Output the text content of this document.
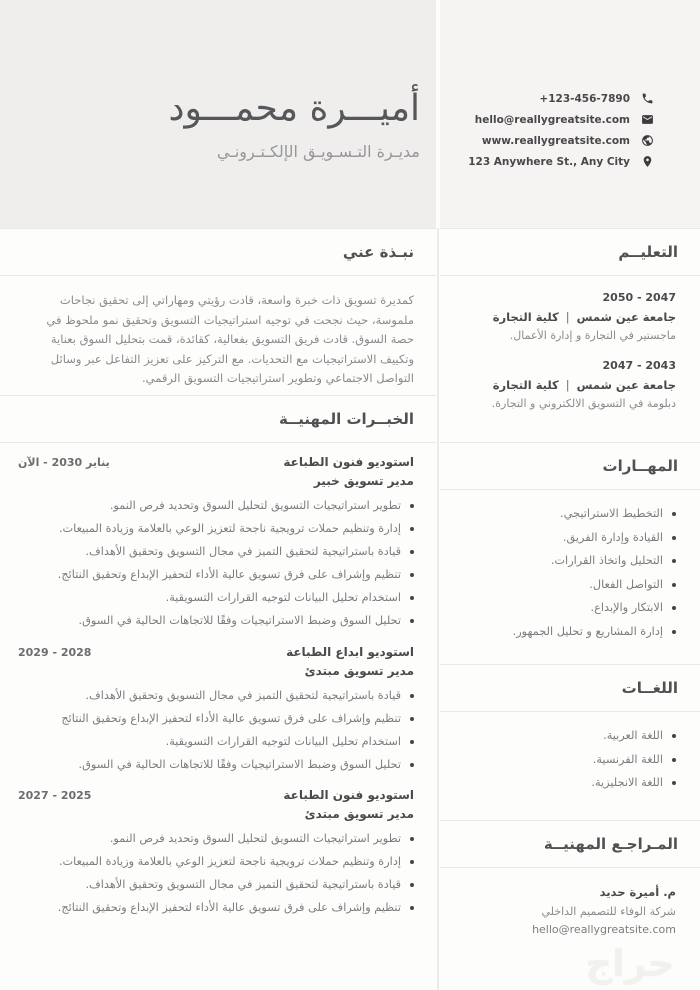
أميـــرة محمـــود
مديـرة التـسـويـق الإلكـتـرونـي
+123-456-7890
hello@reallygreatsite.com
www.reallygreatsite.com
123 Anywhere St., Any City
نبـذة عني

كمديرة تسويق ذات خبرة واسعة، قادت رؤيتي ومهاراتي إلى تحقيق نجاحات ملموسة، حيث نجحت في توجيه استراتيجيات التسويق وتحقيق نمو ملحوظ في حصة السوق. قادت فريق التسويق بفعالية، كقائدة، قمت بتحليل السوق بعناية وتكييف الاستراتيجيات مع التحديات. مع التركيز على تعزيز التفاعل عبر وسائل التواصل الاجتماعي وتطوير استراتيجيات التسويق الرقمي.

الخبــرات المهنيــة
استوديو فنون الطباعة
يناير 2030 - الآن
مدير تسويق خبير
تطوير استراتيجيات التسويق لتحليل السوق وتحديد فرص النمو.
إدارة وتنظيم حملات ترويجية ناجحة لتعزيز الوعي بالعلامة وزيادة المبيعات.
قيادة باستراتيجية لتحقيق التميز في مجال التسويق وتحقيق الأهداف.
تنظيم وإشراف على فرق تسويق عالية الأداء لتحفيز الإبداع وتحقيق النتائج.
استخدام تحليل البيانات لتوجيه القرارات التسويقية.
تحليل السوق وضبط الاستراتيجيات وفقًا للاتجاهات الحالية في السوق.
استوديو ابداع الطباعة
2029 - 2028
مدير تسويق مبتدئ
قيادة باستراتيجية لتحقيق التميز في مجال التسويق وتحقيق الأهداف.
تنظيم وإشراف على فرق تسويق عالية الأداء لتحفيز الإبداع وتحقيق النتائج
استخدام تحليل البيانات لتوجيه القرارات التسويقية.
تحليل السوق وضبط الاستراتيجيات وفقًا للاتجاهات الحالية في السوق.
استوديو فنون الطباعة
2027 - 2025
مدير تسويق مبتدئ
تطوير استراتيجيات التسويق لتحليل السوق وتحديد فرص النمو.
إدارة وتنظيم حملات ترويجية ناجحة لتعزيز الوعي بالعلامة وزيادة المبيعات.
قيادة باستراتيجية لتحقيق التميز في مجال التسويق وتحقيق الأهداف.
تنظيم وإشراف على فرق تسويق عالية الأداء لتحفيز الإبداع وتحقيق النتائج.
التعليــم
2050 - 2047
جامعة عين شمس|كلية التجارة
ماجستير في التجارة و إدارة الأعمال.
2047 - 2043
جامعة عين شمس|كلية التجارة
دبلومة في التسويق الالكتروني و التجارة.
المهــارات
التخطيط الاستراتيجي.
القيادة وإدارة الفريق.
التحليل واتخاذ القرارات.
التواصل الفعال.
الابتكار والإبداع.
إدارة المشاريع و تحليل الجمهور.
اللغــات
اللغة العربية.
اللغة الفرنسية.
اللغة الانجليزية.
المـراجـع المهنيــة
م. أميرة حديد
شركة الوفاء للتصميم الداخلي
hello@reallygreatsite.com
حراج
